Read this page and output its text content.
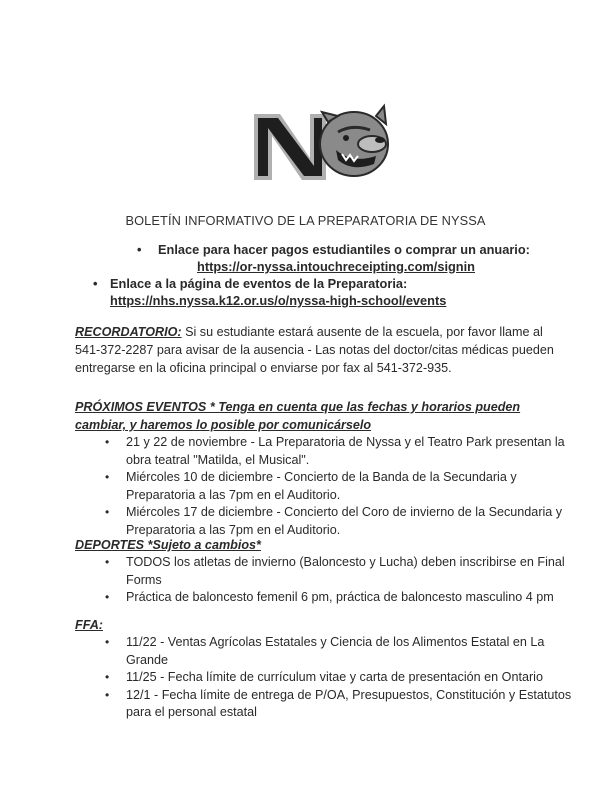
BOLETÍN INFORMATIVO DE LA PREPARATORIA DE NYSSA
• Enlace para hacer pagos estudiantiles o comprar un anuario:
https://or-nyssa.intouchreceipting.com/signin
• Enlace a la página de eventos de la Preparatoria:
https://nhs.nyssa.k12.or.us/o/nyssa-high-school/events
RECORDATORIO: Si su estudiante estará ausente de la escuela, por favor llame al
541-372-2287 para avisar de la ausencia - Las notas del doctor/citas médicas pueden
entregarse en la oficina principal o enviarse por fax al 541-372-935.
PRÓXIMOS EVENTOS * Tenga en cuenta que las fechas y horarios pueden
cambiar, y haremos lo posible por comunicárselo
• 21 y 22 de noviembre - La Preparatoria de Nyssa y el Teatro Park presentan la
obra teatral "Matilda, el Musical".
• Miércoles 10 de diciembre - Concierto de la Banda de la Secundaria y
Preparatoria a las 7pm en el Auditorio.
• Miércoles 17 de diciembre - Concierto del Coro de invierno de la Secundaria y
Preparatoria a las 7pm en el Auditorio.
DEPORTES *Sujeto a cambios*
• TODOS los atletas de invierno (Baloncesto y Lucha) deben inscribirse en Final
Forms
• Práctica de baloncesto femenil 6 pm, práctica de baloncesto masculino 4 pm
FFA:
• 11/22 - Ventas Agrícolas Estatales y Ciencia de los Alimentos Estatal en La
Grande
• 11/25 - Fecha límite de currículum vitae y carta de presentación en Ontario
• 12/1 - Fecha límite de entrega de P/OA, Presupuestos, Constitución y Estatutos
para el personal estatal
